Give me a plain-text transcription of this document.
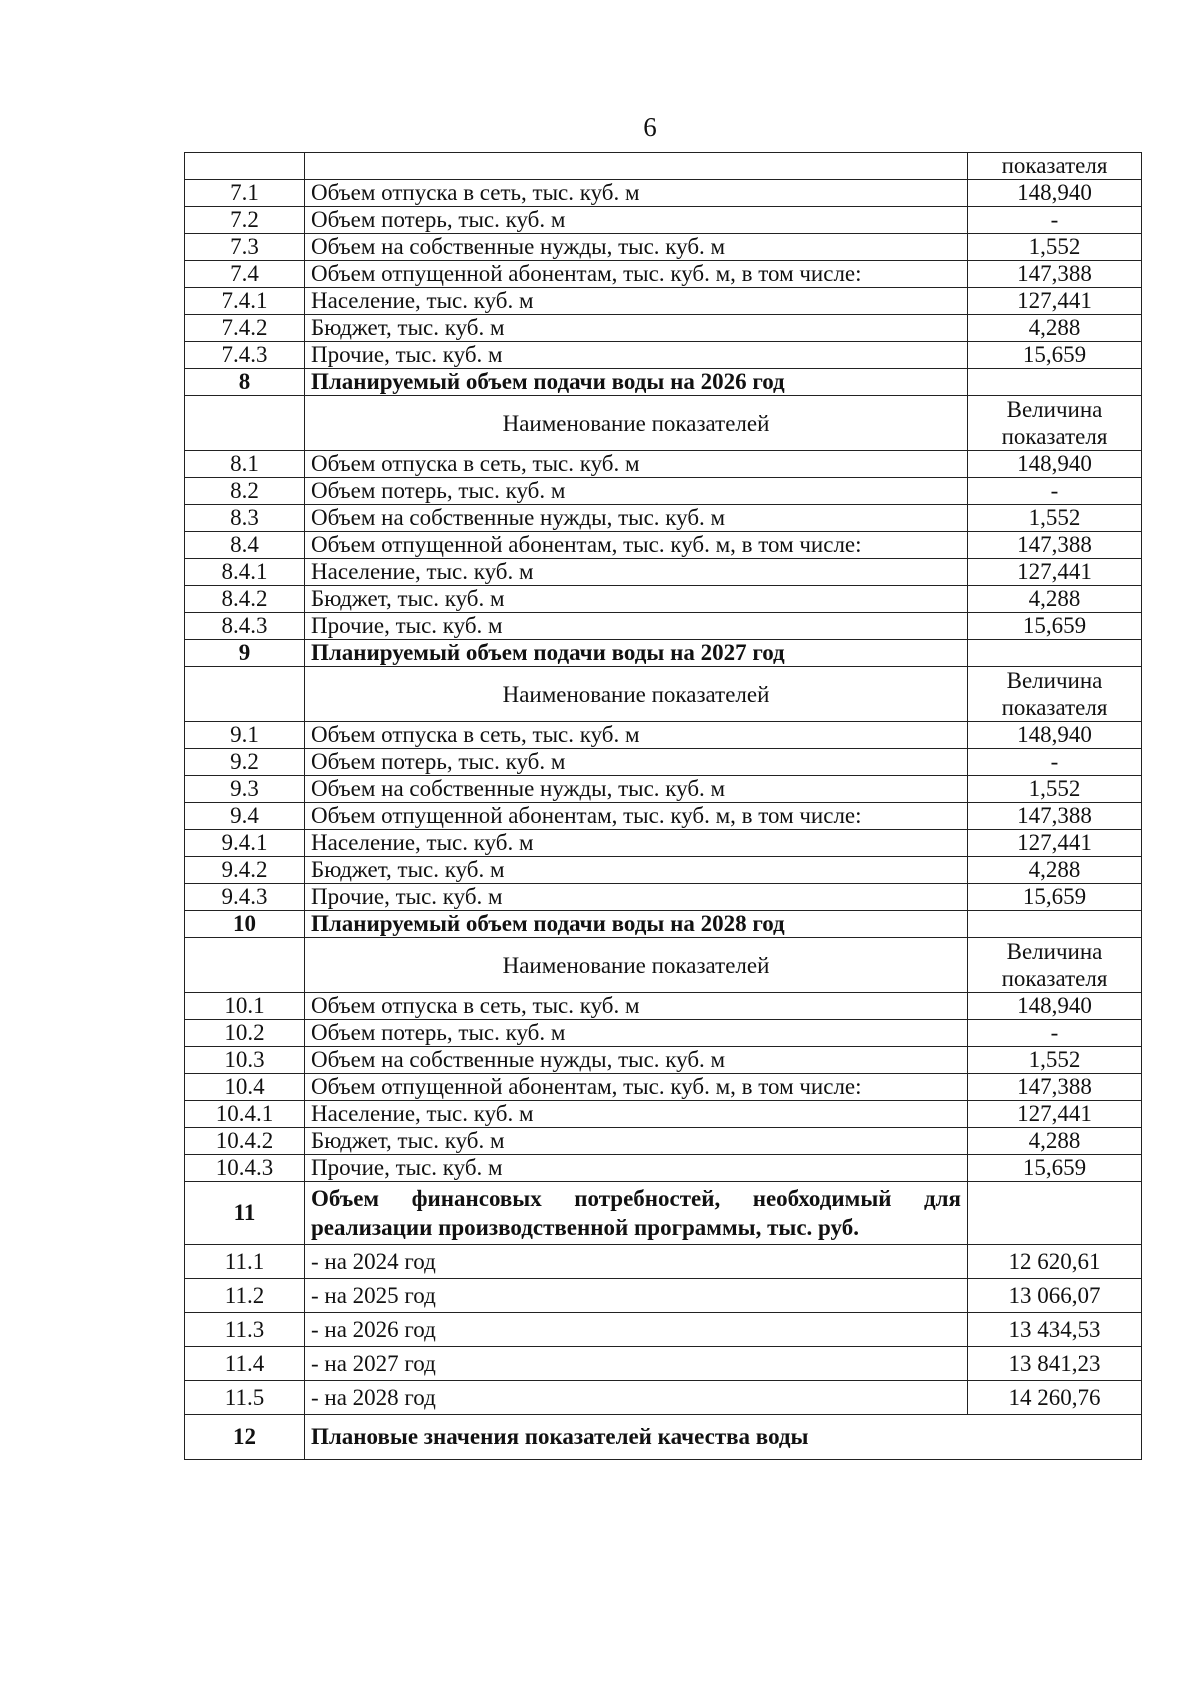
6
		показателя
7.1	Объем отпуска в сеть, тыс. куб. м	148,940
7.2	Объем потерь, тыс. куб. м	-
7.3	Объем на собственные нужды, тыс. куб. м	1,552
7.4	Объем отпущенной абонентам, тыс. куб. м, в том числе:	147,388
7.4.1	Население, тыс. куб. м	127,441
7.4.2	Бюджет, тыс. куб. м	4,288
7.4.3	Прочие, тыс. куб. м	15,659
8	Планируемый объем подачи воды на 2026 год	
	Наименование показателей	Величина показателя
8.1	Объем отпуска в сеть, тыс. куб. м	148,940
8.2	Объем потерь, тыс. куб. м	-
8.3	Объем на собственные нужды, тыс. куб. м	1,552
8.4	Объем отпущенной абонентам, тыс. куб. м, в том числе:	147,388
8.4.1	Население, тыс. куб. м	127,441
8.4.2	Бюджет, тыс. куб. м	4,288
8.4.3	Прочие, тыс. куб. м	15,659
9	Планируемый объем подачи воды на 2027 год	
	Наименование показателей	Величина показателя
9.1	Объем отпуска в сеть, тыс. куб. м	148,940
9.2	Объем потерь, тыс. куб. м	-
9.3	Объем на собственные нужды, тыс. куб. м	1,552
9.4	Объем отпущенной абонентам, тыс. куб. м, в том числе:	147,388
9.4.1	Население, тыс. куб. м	127,441
9.4.2	Бюджет, тыс. куб. м	4,288
9.4.3	Прочие, тыс. куб. м	15,659
10	Планируемый объем подачи воды на 2028 год	
	Наименование показателей	Величина показателя
10.1	Объем отпуска в сеть, тыс. куб. м	148,940
10.2	Объем потерь, тыс. куб. м	-
10.3	Объем на собственные нужды, тыс. куб. м	1,552
10.4	Объем отпущенной абонентам, тыс. куб. м, в том числе:	147,388
10.4.1	Население, тыс. куб. м	127,441
10.4.2	Бюджет, тыс. куб. м	4,288
10.4.3	Прочие, тыс. куб. м	15,659
11	Объем финансовых потребностей, необходимый для реализации производственной программы, тыс. руб.	
11.1	- на 2024 год	12 620,61
11.2	- на 2025 год	13 066,07
11.3	- на 2026 год	13 434,53
11.4	- на 2027 год	13 841,23
11.5	- на 2028 год	14 260,76
12	Плановые значения показателей качества воды	
